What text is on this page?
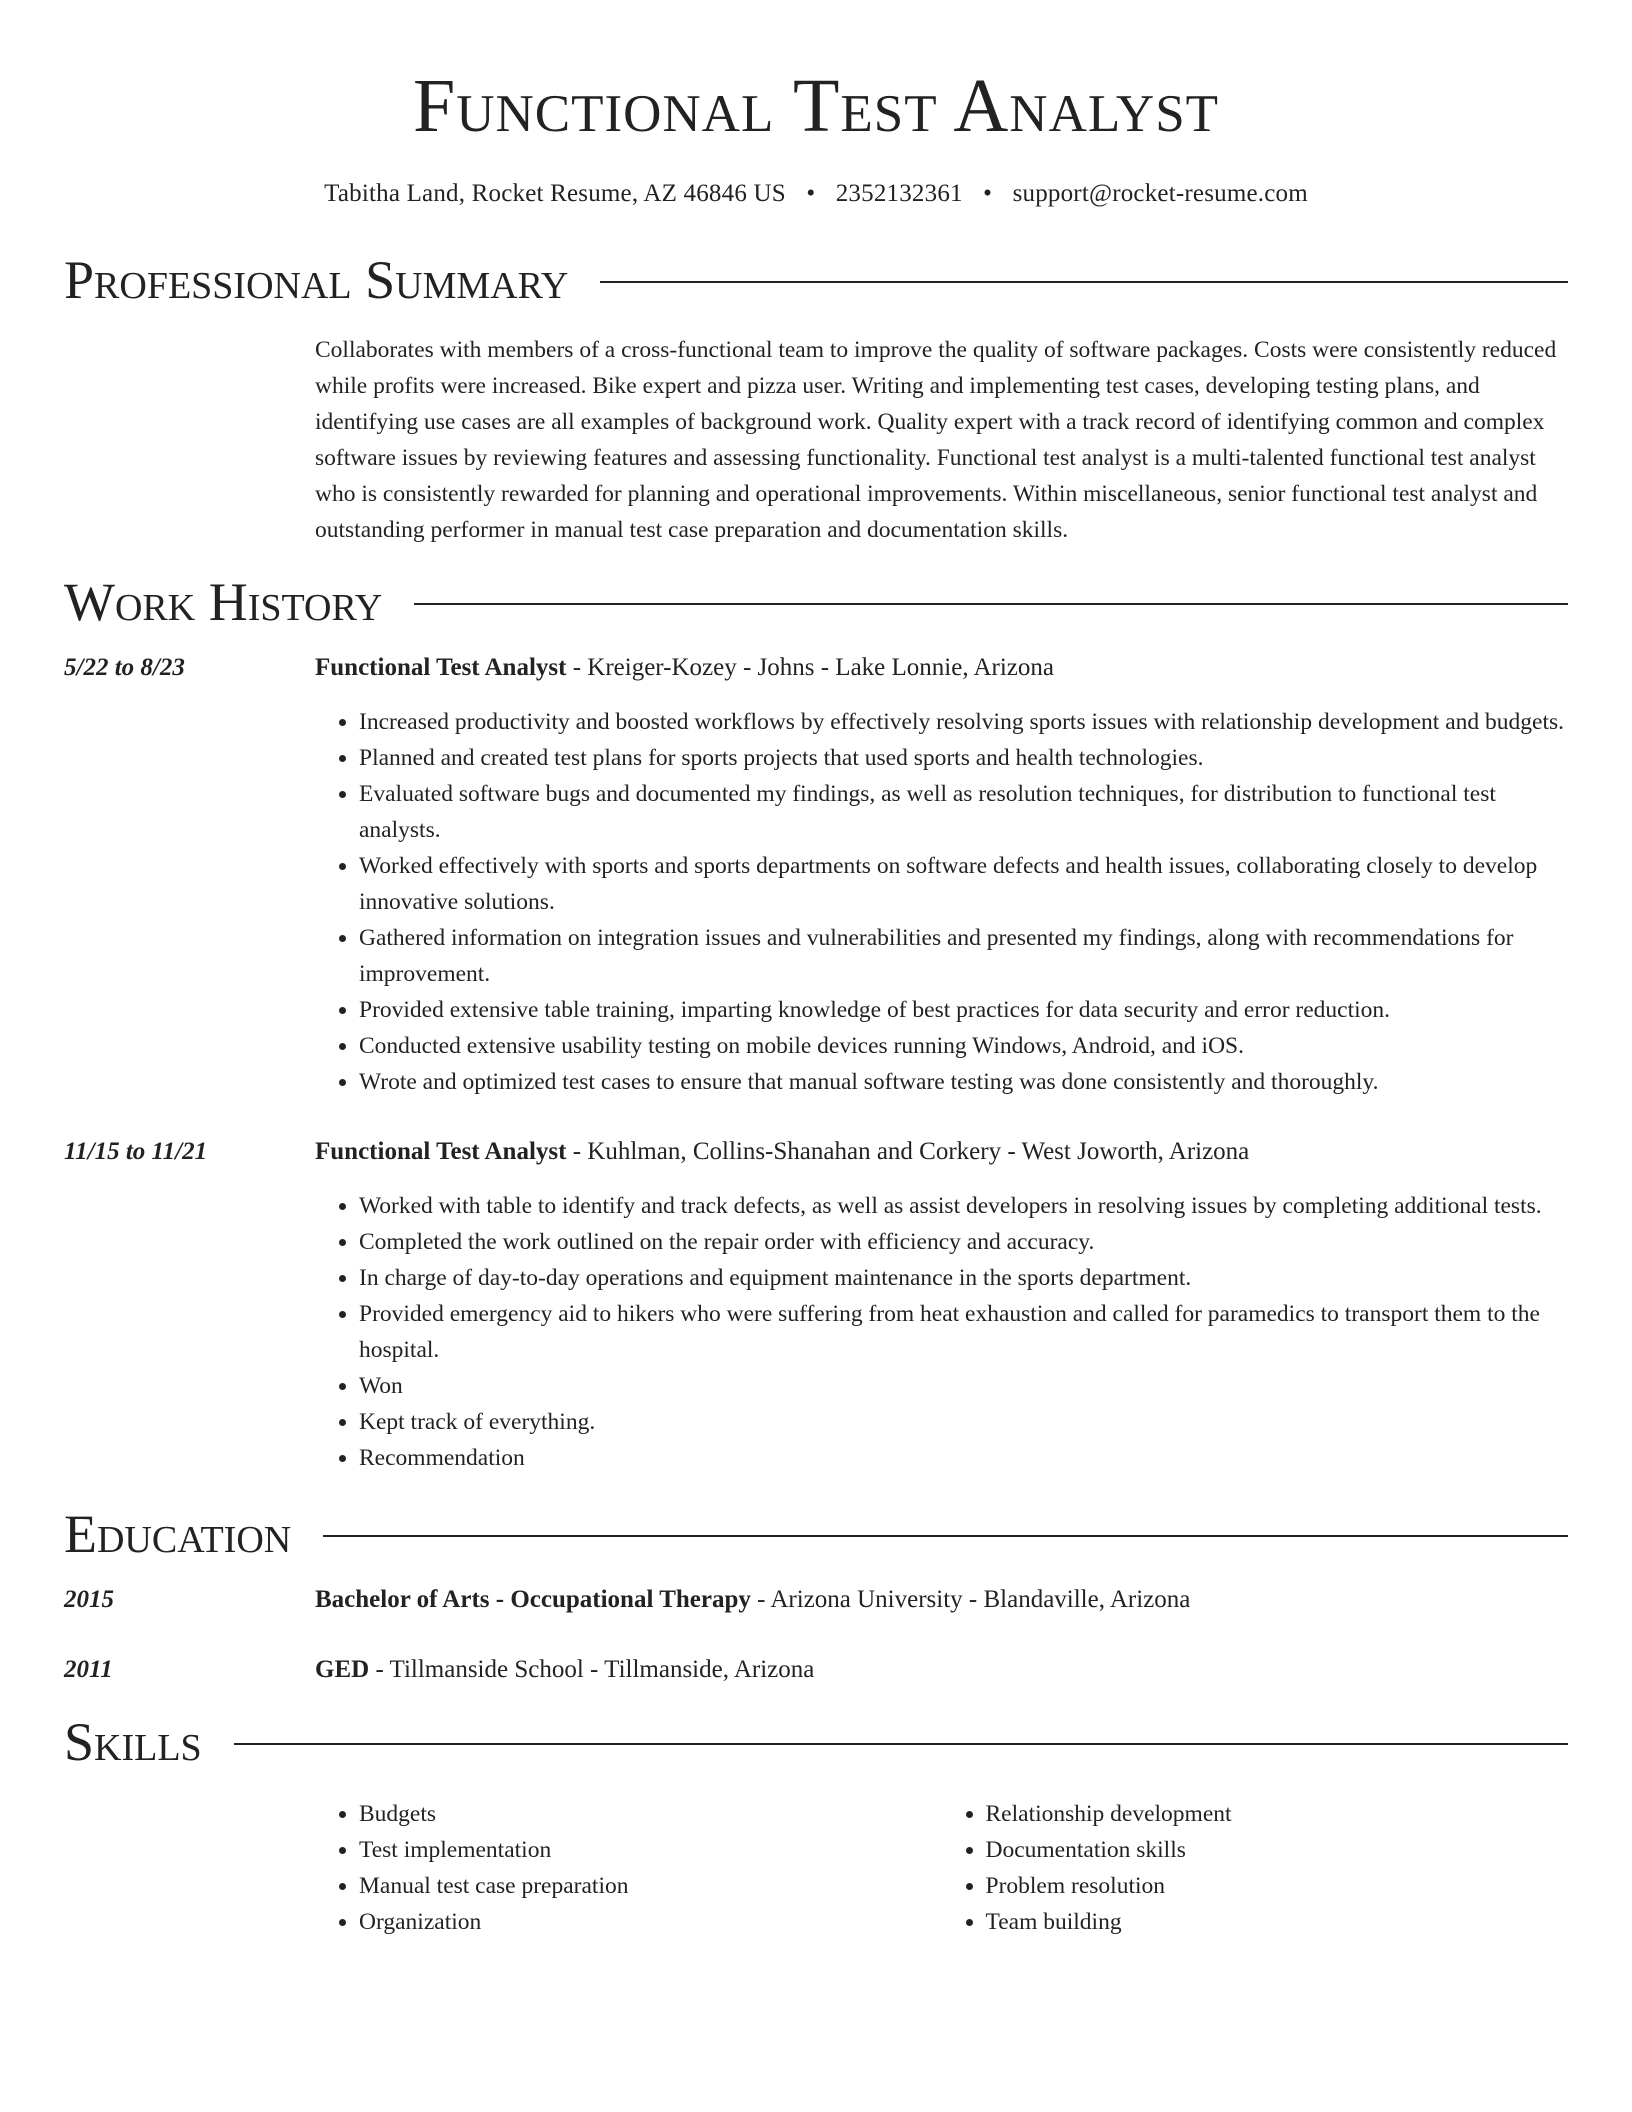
Functional Test Analyst
Tabitha Land, Rocket Resume, AZ 46846 US • 2352132361 • support@rocket-resume.com
Professional Summary
Collaborates with members of a cross-functional team to improve the quality of software packages. Costs were consistently reduced while profits were increased. Bike expert and pizza user. Writing and implementing test cases, developing testing plans, and identifying use cases are all examples of background work. Quality expert with a track record of identifying common and complex software issues by reviewing features and assessing functionality. Functional test analyst is a multi-talented functional test analyst who is consistently rewarded for planning and operational improvements. Within miscellaneous, senior functional test analyst and outstanding performer in manual test case preparation and documentation skills.
Work History
5/22 to 8/23	Functional Test Analyst - Kreiger-Kozey - Johns - Lake Lonnie, Arizona
• Increased productivity and boosted workflows by effectively resolving sports issues with relationship development and budgets.
• Planned and created test plans for sports projects that used sports and health technologies.
• Evaluated software bugs and documented my findings, as well as resolution techniques, for distribution to functional test analysts.
• Worked effectively with sports and sports departments on software defects and health issues, collaborating closely to develop innovative solutions.
• Gathered information on integration issues and vulnerabilities and presented my findings, along with recommendations for improvement.
• Provided extensive table training, imparting knowledge of best practices for data security and error reduction.
• Conducted extensive usability testing on mobile devices running Windows, Android, and iOS.
• Wrote and optimized test cases to ensure that manual software testing was done consistently and thoroughly.
11/15 to 11/21	Functional Test Analyst - Kuhlman, Collins-Shanahan and Corkery - West Joworth, Arizona
• Worked with table to identify and track defects, as well as assist developers in resolving issues by completing additional tests.
• Completed the work outlined on the repair order with efficiency and accuracy.
• In charge of day-to-day operations and equipment maintenance in the sports department.
• Provided emergency aid to hikers who were suffering from heat exhaustion and called for paramedics to transport them to the hospital.
• Won
• Kept track of everything.
• Recommendation
Education
2015	Bachelor of Arts - Occupational Therapy - Arizona University - Blandaville, Arizona
2011	GED - Tillmanside School - Tillmanside, Arizona
Skills
• Budgets
• Test implementation
• Manual test case preparation
• Organization
• Relationship development
• Documentation skills
• Problem resolution
• Team building
